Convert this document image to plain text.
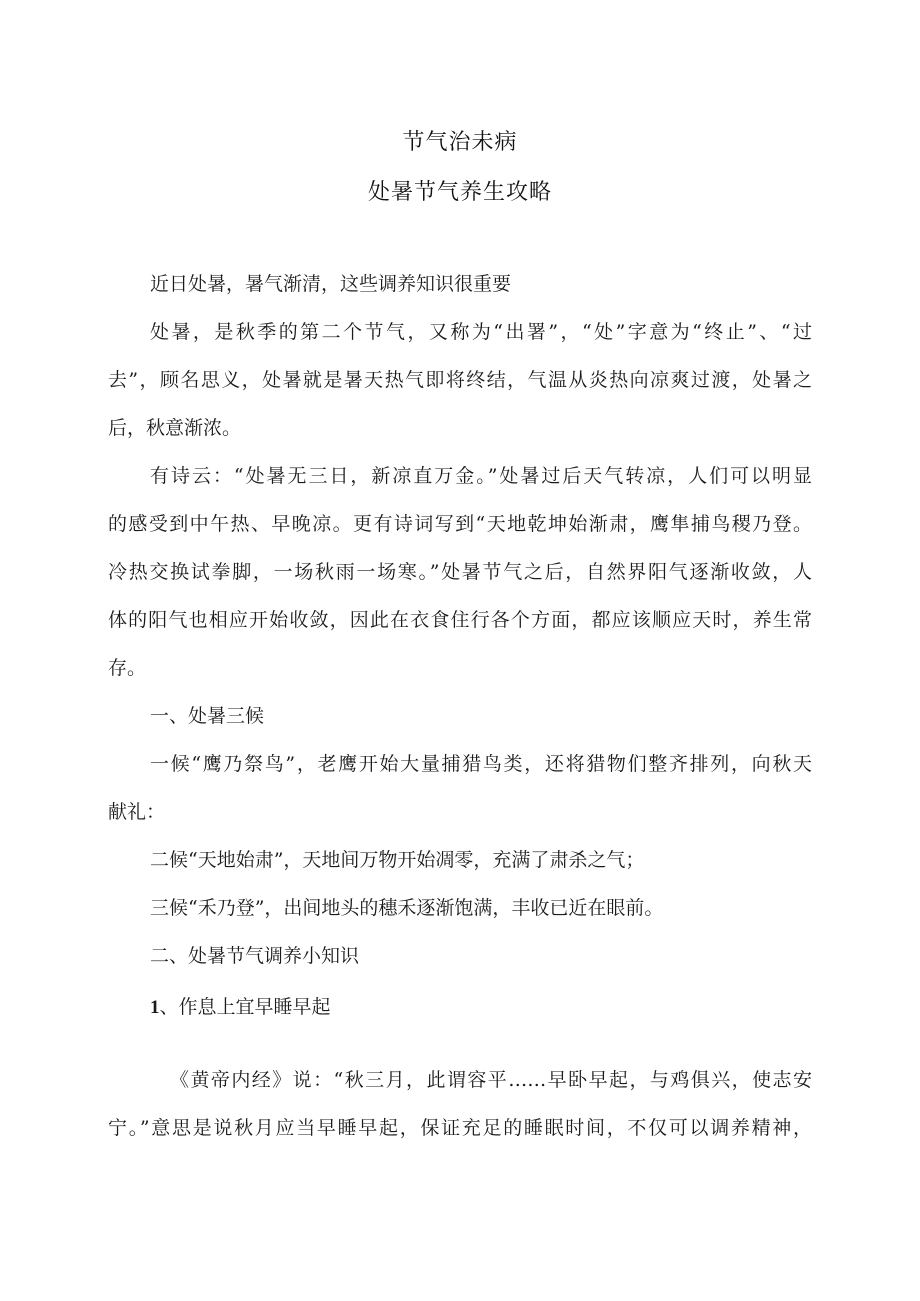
节气治未病
处暑节气养生攻略
近日处暑，暑气渐清，这些调养知识很重要
处暑，是秋季的第二个节气，又称为“出署”，“处”字意为“终止”、“过
去”，顾名思义，处暑就是暑天热气即将终结，气温从炎热向凉爽过渡，处暑之
后，秋意渐浓。
有诗云：“处暑无三日，新凉直万金。”处暑过后天气转凉，人们可以明显
的感受到中午热、早晚凉。更有诗词写到“天地乾坤始渐肃，鹰隼捕鸟稷乃登。
冷热交换试拳脚，一场秋雨一场寒。”处暑节气之后，自然界阳气逐渐收敛，人
体的阳气也相应开始收敛，因此在衣食住行各个方面，都应该顺应天时，养生常
存。
一、处暑三候
一候“鹰乃祭鸟”，老鹰开始大量捕猎鸟类，还将猎物们整齐排列，向秋天
献礼：
二候“天地始肃”，天地间万物开始凋零，充满了肃杀之气；
三候“禾乃登”，出间地头的穗禾逐渐饱满，丰收已近在眼前。
二、处暑节气调养小知识
1、作息上宜早睡早起
《黄帝内经》说：“秋三月，此谓容平……早卧早起，与鸡俱兴，使志安
宁。”意思是说秋月应当早睡早起，保证充足的睡眠时间，不仅可以调养精神，
